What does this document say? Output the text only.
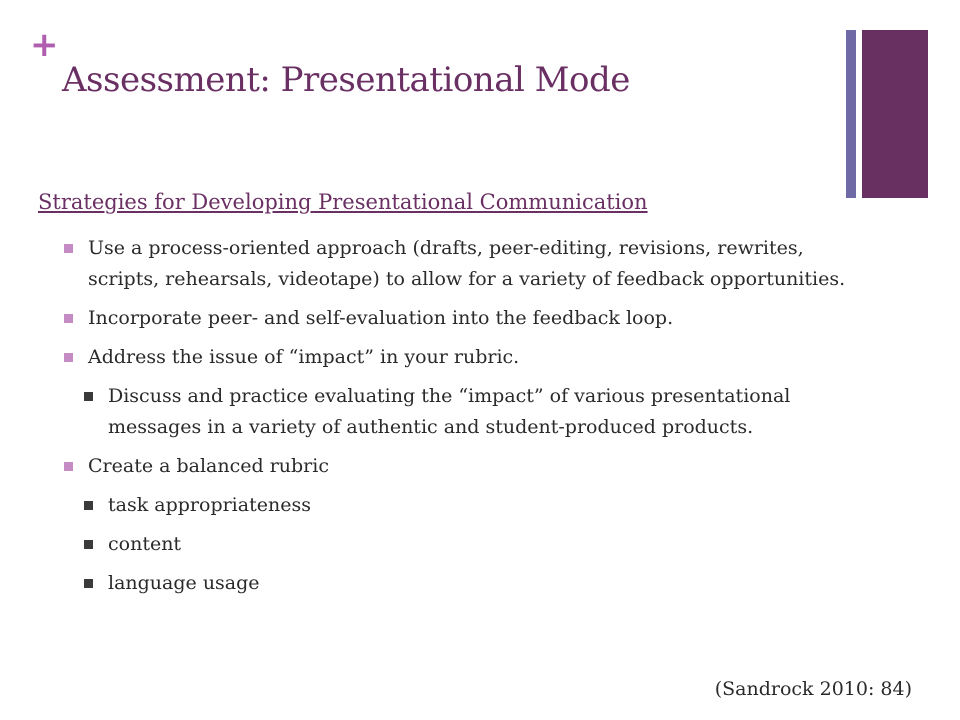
+
Assessment: Presentational Mode
Strategies for Developing Presentational Communication
Use a process-oriented approach (drafts, peer-editing, revisions, rewrites, scripts, rehearsals, videotape) to allow for a variety of feedback opportunities.
Incorporate peer- and self-evaluation into the feedback loop.
Address the issue of “impact” in your rubric.
Discuss and practice evaluating the “impact” of various presentational messages in a variety of authentic and student-produced products.
Create a balanced rubric
task appropriateness
content
language usage
(Sandrock 2010: 84)
